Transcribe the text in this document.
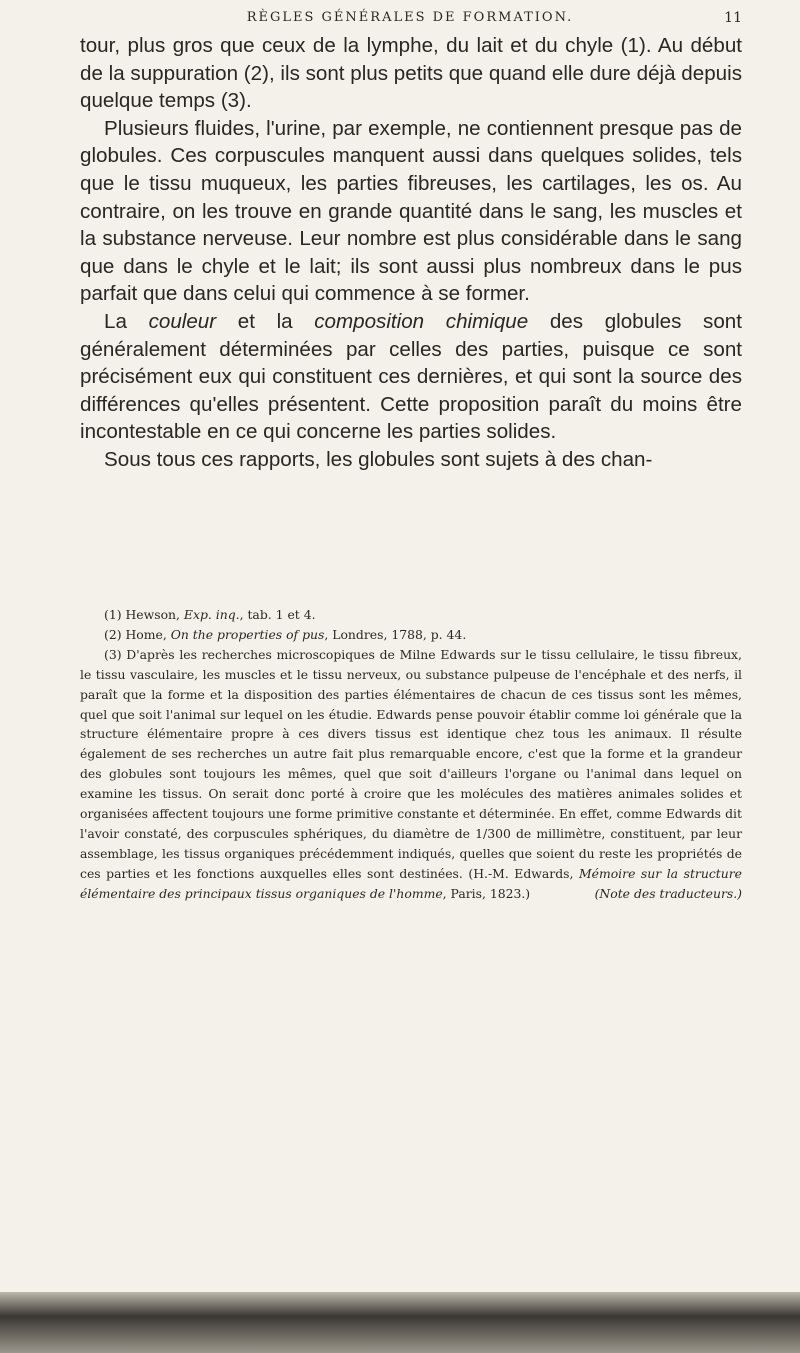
RÈGLES GÉNÉRALES DE FORMATION.	11

tour, plus gros que ceux de la lymphe, du lait et du chyle (1). Au début de la suppuration (2), ils sont plus petits que quand elle dure déjà depuis quelque temps (3).

Plusieurs fluides, l'urine, par exemple, ne contiennent presque pas de globules. Ces corpuscules manquent aussi dans quelques solides, tels que le tissu muqueux, les parties fibreuses, les cartilages, les os. Au contraire, on les trouve en grande quantité dans le sang, les muscles et la substance nerveuse. Leur nombre est plus considérable dans le sang que dans le chyle et le lait; ils sont aussi plus nombreux dans le pus parfait que dans celui qui commence à se former.

La couleur et la composition chimique des globules sont généralement déterminées par celles des parties, puisque ce sont précisément eux qui constituent ces dernières, et qui sont la source des différences qu'elles présentent. Cette proposition paraît du moins être incontestable en ce qui concerne les parties solides.

Sous tous ces rapports, les globules sont sujets à des chan-

(1) Hewson, Exp. inq., tab. 1 et 4.

(2) Home, On the properties of pus, Londres, 1788, p. 44.

(3) D'après les recherches microscopiques de Milne Edwards sur le tissu cellulaire, le tissu fibreux, le tissu vasculaire, les muscles et le tissu nerveux, ou substance pulpeuse de l'encéphale et des nerfs, il paraît que la forme et la disposition des parties élémentaires de chacun de ces tissus sont les mêmes, quel que soit l'animal sur lequel on les étudie. Edwards pense pouvoir établir comme loi générale que la structure élémentaire propre à ces divers tissus est identique chez tous les animaux. Il résulte également de ses recherches un autre fait plus remarquable encore, c'est que la forme et la grandeur des globules sont toujours les mêmes, quel que soit d'ailleurs l'organe ou l'animal dans lequel on examine les tissus. On serait donc porté à croire que les molécules des matières animales solides et organisées affectent toujours une forme primitive constante et déterminée. En effet, comme Edwards dit l'avoir constaté, des corpuscules sphériques, du diamètre de 1/300 de millimètre, constituent, par leur assemblage, les tissus organiques précédemment indiqués, quelles que soient du reste les propriétés de ces parties et les fonctions auxquelles elles sont destinées. (H.-M. Edwards, Mémoire sur la structure élémentaire des principaux tissus organiques de l'homme, Paris, 1823.)	(Note des traducteurs.)
